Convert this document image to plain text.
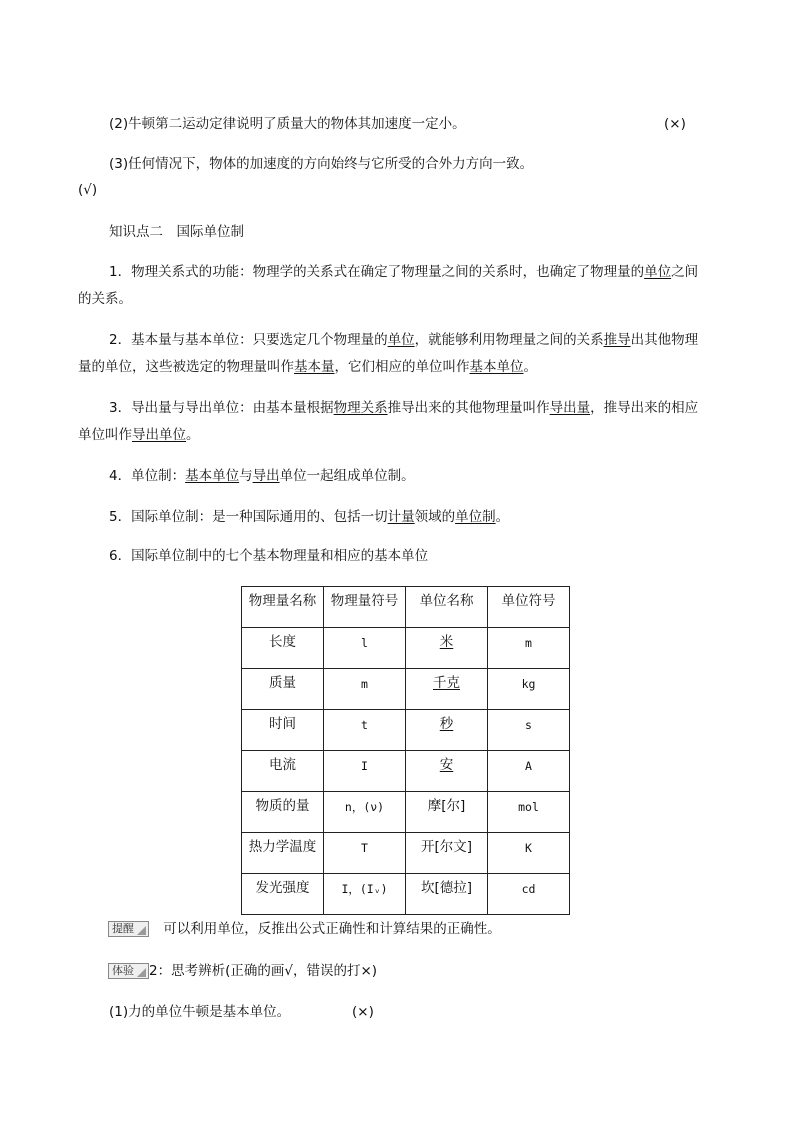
(2)牛顿第二运动定律说明了质量大的物体其加速度一定小。	(×)
(3)任何情况下，物体的加速度的方向始终与它所受的合外力方向一致。
(√)
知识点二　国际单位制
1．物理关系式的功能：物理学的关系式在确定了物理量之间的关系时，也确定了物理量的单位之间
的关系。
2．基本量与基本单位：只要选定几个物理量的单位，就能够利用物理量之间的关系推导出其他物理
量的单位，这些被选定的物理量叫作基本量，它们相应的单位叫作基本单位。
3．导出量与导出单位：由基本量根据物理关系推导出来的其他物理量叫作导出量，推导出来的相应
单位叫作导出单位。
4．单位制：基本单位与导出单位一起组成单位制。
5．国际单位制：是一种国际通用的、包括一切计量领域的单位制。
6．国际单位制中的七个基本物理量和相应的基本单位
物理量名称	物理量符号	单位名称	单位符号

长度	l	米	m

质量	m	千克	kg

时间	t	秒	s

电流	I	安	A

物质的量	n，(ν)	摩[尔]	mol

热力学温度	T	开[尔文]	K

发光强度	I，(Iᵥ)	坎[德拉]	cd
提醒 可以利用单位，反推出公式正确性和计算结果的正确性。
体验 2：思考辨析(正确的画√，错误的打×)
(1)力的单位牛顿是基本单位。	(×)
